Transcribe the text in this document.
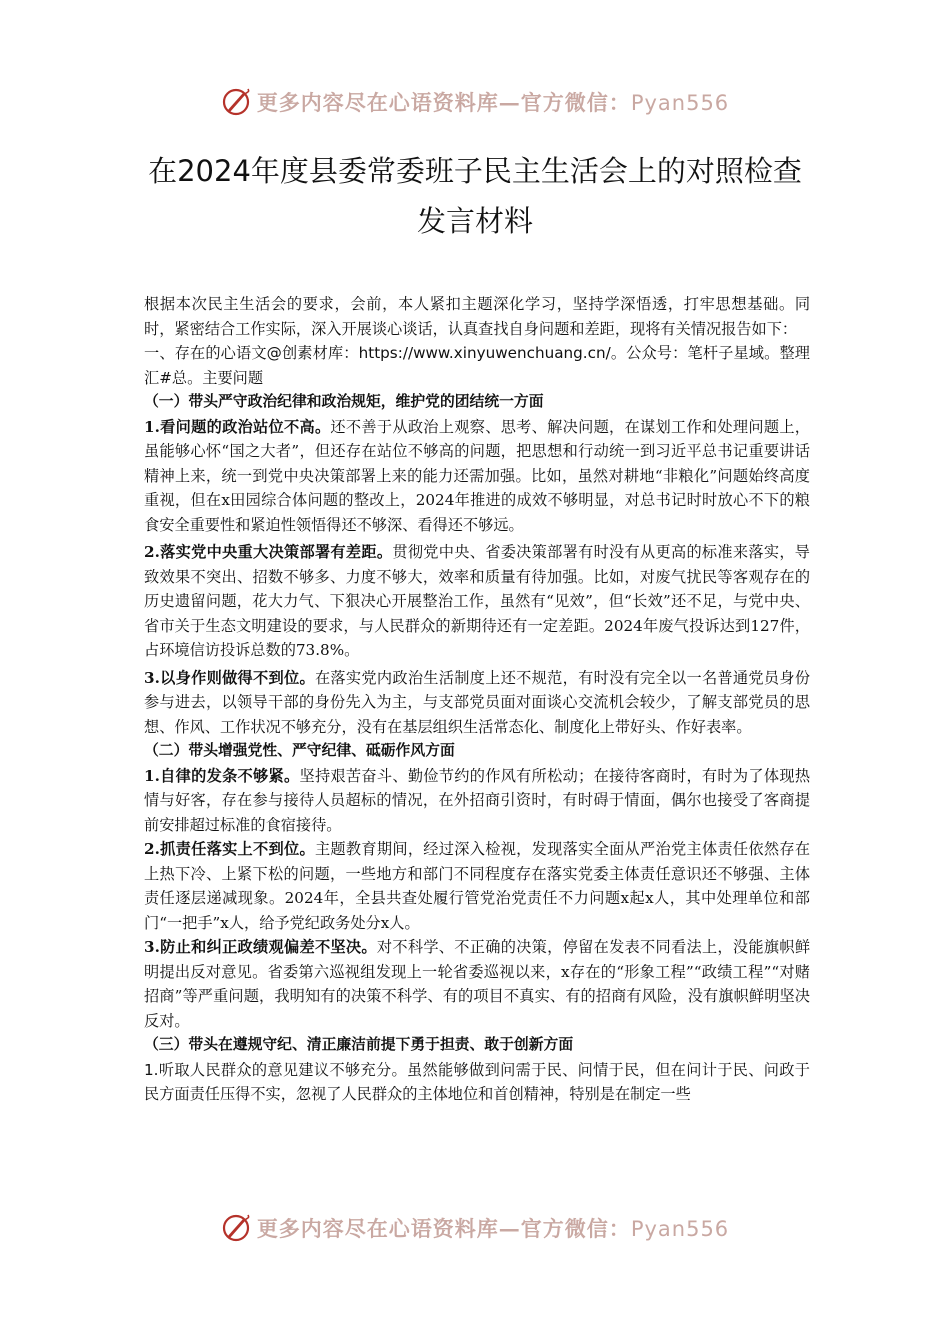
更多内容尽在心语资料库—官方微信：Pyan556
在2024年度县委常委班子民主生活会上的对照检查
发言材料

根据本次民主生活会的要求，会前，本人紧扣主题深化学习，坚持学深悟透，打牢思想基础。同时，紧密结合工作实际，深入开展谈心谈话，认真查找自身问题和差距，现将有关情况报告如下：

一、存在的心语文@创素材库：https://www.xinyuwenchuang.cn/。公众号：笔杆子星域。整理汇#总。主要问题

（一）带头严守政治纪律和政治规矩，维护党的团结统一方面

1.看问题的政治站位不高。还不善于从政治上观察、思考、解决问题，在谋划工作和处理问题上，虽能够心怀“国之大者”，但还存在站位不够高的问题，把思想和行动统一到习近平总书记重要讲话精神上来，统一到党中央决策部署上来的能力还需加强。比如，虽然对耕地“非粮化”问题始终高度重视，但在x田园综合体问题的整改上，2024年推进的成效不够明显，对总书记时时放心不下的粮食安全重要性和紧迫性领悟得还不够深、看得还不够远。

2.落实党中央重大决策部署有差距。贯彻党中央、省委决策部署有时没有从更高的标准来落实，导致效果不突出、招数不够多、力度不够大，效率和质量有待加强。比如，对废气扰民等客观存在的历史遗留问题，花大力气、下狠决心开展整治工作，虽然有“见效”，但“长效”还不足，与党中央、省市关于生态文明建设的要求，与人民群众的新期待还有一定差距。2024年废气投诉达到127件，占环境信访投诉总数的73.8%。

3.以身作则做得不到位。在落实党内政治生活制度上还不规范，有时没有完全以一名普通党员身份参与进去，以领导干部的身份先入为主，与支部党员面对面谈心交流机会较少，了解支部党员的思想、作风、工作状况不够充分，没有在基层组织生活常态化、制度化上带好头、作好表率。

（二）带头增强党性、严守纪律、砥砺作风方面

1.自律的发条不够紧。坚持艰苦奋斗、勤俭节约的作风有所松动；在接待客商时，有时为了体现热情与好客，存在参与接待人员超标的情况，在外招商引资时，有时碍于情面，偶尔也接受了客商提前安排超过标准的食宿接待。

2.抓责任落实上不到位。主题教育期间，经过深入检视，发现落实全面从严治党主体责任依然存在上热下冷、上紧下松的问题，一些地方和部门不同程度存在落实党委主体责任意识还不够强、主体责任逐层递减现象。2024年，全县共查处履行管党治党责任不力问题x起x人，其中处理单位和部门“一把手”x人，给予党纪政务处分x人。

3.防止和纠正政绩观偏差不坚决。对不科学、不正确的决策，停留在发表不同看法上，没能旗帜鲜明提出反对意见。省委第六巡视组发现上一轮省委巡视以来，x存在的“形象工程”“政绩工程”“对赌招商”等严重问题，我明知有的决策不科学、有的项目不真实、有的招商有风险，没有旗帜鲜明坚决反对。

（三）带头在遵规守纪、清正廉洁前提下勇于担责、敢于创新方面

1.听取人民群众的意见建议不够充分。虽然能够做到问需于民、问情于民，但在问计于民、问政于民方面责任压得不实，忽视了人民群众的主体地位和首创精神，特别是在制定一些

更多内容尽在心语资料库—官方微信：Pyan556
